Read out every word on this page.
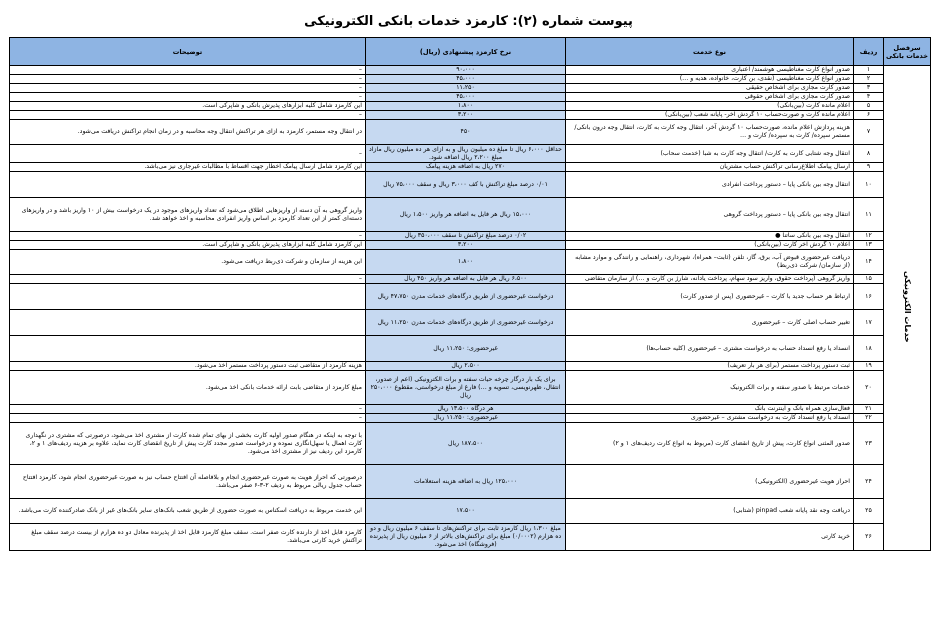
پیوست شماره (۲): کارمزد خدمات بانکی الکترونیکی
سرفصل خدمات بانکی	ردیف	نوع خدمت	نرخ کارمزد پیشنهادی (ریال)	توضیحات
خدمات الکترونیکی	۱	صدور انواع کارت مغناطیسی هوشمند/ اعتباری	۹۰،۰۰۰	–
	۲	صدور انواع کارت مغناطیسی (نقدی، بن کارت، خانواده، هدیه و …)	۴۵،۰۰۰	–
	۳	صدور کارت مجازی برای اشخاص حقیقی	۱۱،۲۵۰	–
	۴	صدور کارت مجازی برای اشخاص حقوقی	۴۵،۰۰۰	–
	۵	اعلام مانده کارت (بین‌بانکی)	۱،۸۰۰	این کارمزد شامل کلیه ابزارهای پذیرش بانکی و شاپرکی است.
	۶	اعلام مانده کارت و صورت‌حساب ۱۰ گردش آخر- پایانه شعب (بین‌بانکی)	۳،۲۰۰	–
	۷	هزینه پردازش اعلام مانده، صورت‌حساب ۱۰ گردش آخر، انتقال وجه کارت به کارت، انتقال وجه درون بانکی/ مستمر سپرده/ کارت به سپرده/ کارت و …	۴۵۰	در انتقال وجه مستمر، کارمزد به ازای هر تراکنش انتقال وجه محاسبه و در زمان انجام تراکنش دریافت می‌شود.
	۸	انتقال وجه شتابی کارت به کارت/ انتقال وجه کارت به شبا (خدمت سحاب)	حداقل ۶،۰۰۰ ریال تا مبلغ ده میلیون ریال و به ازای هر ده میلیون ریال مازاد مبلغ ۲،۲۰۰ ریال اضافه شود.	–
	۹	ارسال پیامک اطلاع‌رسانی تراکنش حساب مشتریان	۲۷۰ ریال به اضافه هزینه پیامک	این کارمزد شامل ارسال پیامک اخطار جهت اقساط با مطالبات غیرجاری نیز می‌باشد.
	۱۰	انتقال وجه بین بانکی پایا – دستور پرداخت انفرادی	۰/۰۱ درصد مبلغ تراکنش با کف ۳،۰۰۰ ریال و سقف ۷۵،۰۰۰ ریال	
	۱۱	انتقال وجه بین بانکی پایا – دستور پرداخت گروهی	۱۵،۰۰۰ ریال هر فایل به اضافه هر واریز ۱،۵۰۰ ریال	واریز گروهی به آن دسته از واریزهایی اطلاق می‌شود که تعداد واریزهای موجود در یک درخواست بیش از ۱۰ واریز باشد و در واریزهای دسته‌ای کمتر از این تعداد کارمزد بر اساس واریز انفرادی محاسبه و اخذ خواهد شد.
	۱۲	انتقال وجه بین بانکی ساتنا ●	۰/۰۲ درصد مبلغ تراکنش تا سقف ۳۵۰،۰۰۰ ریال	–
	۱۳	اعلام ۱۰ گردش آخر کارت (بین‌بانکی)	۳،۲۰۰	این کارمزد شامل کلیه ابزارهای پذیرش بانکی و شاپرکی است.
	۱۴	دریافت غیرحضوری قبوض آب، برق، گاز، تلفن (ثابت– همراه)، شهرداری، راهنمایی و رانندگی و موارد مشابه (از سازمان/ شرکت ذی‌ربط)	۱،۸۰۰	این هزینه از سازمان و شرکت ذی‌ربط دریافت می‌شود.
	۱۵	واریز گروهی (پرداخت حقوق، واریز سود سهام، پرداخت یادانه، شارژ بن کارت و …) از سازمان متقاضی	۶،۵۰۰ ریال هر فایل به اضافه هر واریز ۴۵۰ ریال	–
	۱۶	ارتباط هر حساب جدید با کارت – غیرحضوری (پس از صدور کارت)	درخواست غیرحضوری از طریق درگاه‌های خدمات مدرن ۴۷،۷۵۰ ریال	
	۱۷	تغییر حساب اصلی کارت – غیرحضوری	درخواست غیرحضوری از طریق درگاه‌های خدمات مدرن ۱۱،۲۵۰ ریال	
	۱۸	انسداد یا رفع انسداد حساب به درخواست مشتری – غیرحضوری (کلیه حساب‌ها)	غیرحضوری: ۱۱،۲۵۰ ریال	
	۱۹	ثبت دستور پرداخت مستمر (برای هر بار تعریف)	۲،۵۰۰ ریال	هزینه کارمزد از متقاضی ثبت دستور پرداخت مستمر اخذ می‌شود.
	۲۰	خدمات مرتبط با صدور سفته و برات الکترونیک	برای یک بار درگار چرخه حیات سفته و برات الکترونیکی (اعم از صدور، انتقال، ظهرنویسی، تسویه و …) فارغ از مبلغ درخواستی، مقطوع ۲۵۰،۰۰۰ ریال	مبلغ کارمزد از متقاضی بابت ارائه خدمات بانکی اخذ می‌شود.
	۲۱	فعال‌سازی همراه بانک و اینترنت بانک	هر درگاه ۱۳،۵۰۰ ریال	–
	۲۲	انسداد یا رفع انسداد کارت به درخواست مشتری – غیرحضوری	غیرحضوری: ۱۱،۲۵۰ ریال	–
	۲۳	صدور المثنی انواع کارت، پیش از تاریخ انقضای کارت (مربوط به انواع کارت ردیف‌های ۱ و ۲)	۱۸۷،۵۰۰ ریال	با توجه به اینکه در هنگام صدور اولیه کارت بخشی از بهای تمام شده کارت از مشتری اخذ می‌شود، درصورتی که مشتری در نگهداری کارت اهمال یا سهل‌انگاری نموده و درخواست صدور مجدد کارت پیش از تاریخ انقضای کارت نماید، علاوه بر هزینه ردیف‌های ۱ و ۲، کارمزد این ردیف نیز از مشتری اخذ می‌شود.
	۲۴	احراز هویت غیرحضوری (الکترونیکی)	۱۲۵،۰۰۰ ریال به اضافه هزینه استعلامات	درصورتی که احراز هویت به صورت غیرحضوری انجام و بلافاصله آن افتتاح حساب نیز به صورت غیرحضوری انجام شود، کارمزد افتتاح حساب جدول ریالی مربوط به ردیف ۲-۳-۶ صفر می‌باشد.
	۲۵	دریافت وجه نقد پایانه شعب pinpad (شتابی)	۱۷،۵۰۰	این خدمت مربوط به دریافت اسکناس به صورت حضوری از طریق شعب بانک‌های سایر بانک‌های غیر از بانک صادرکننده کارت می‌باشد.
	۲۶	خرید کارتی	مبلغ ۱،۳۰۰ ریال کارمزد ثابت برای تراکنش‌های تا سقف ۶ میلیون ریال و دو ده هزارم (۰/۰۰۰۲) مبلغ برای تراکنش‌های بالاتر از ۶ میلیون ریال از پذیرنده (فروشگاه) اخذ می‌شود.	کارمزد قابل اخذ از دارنده کارت صفر است. سقف مبلغ کارمزد قابل اخذ از پذیرنده معادل دو ده هزارم از بیست درصد سقف مبلغ تراکنش خرید کارتی می‌باشد.
